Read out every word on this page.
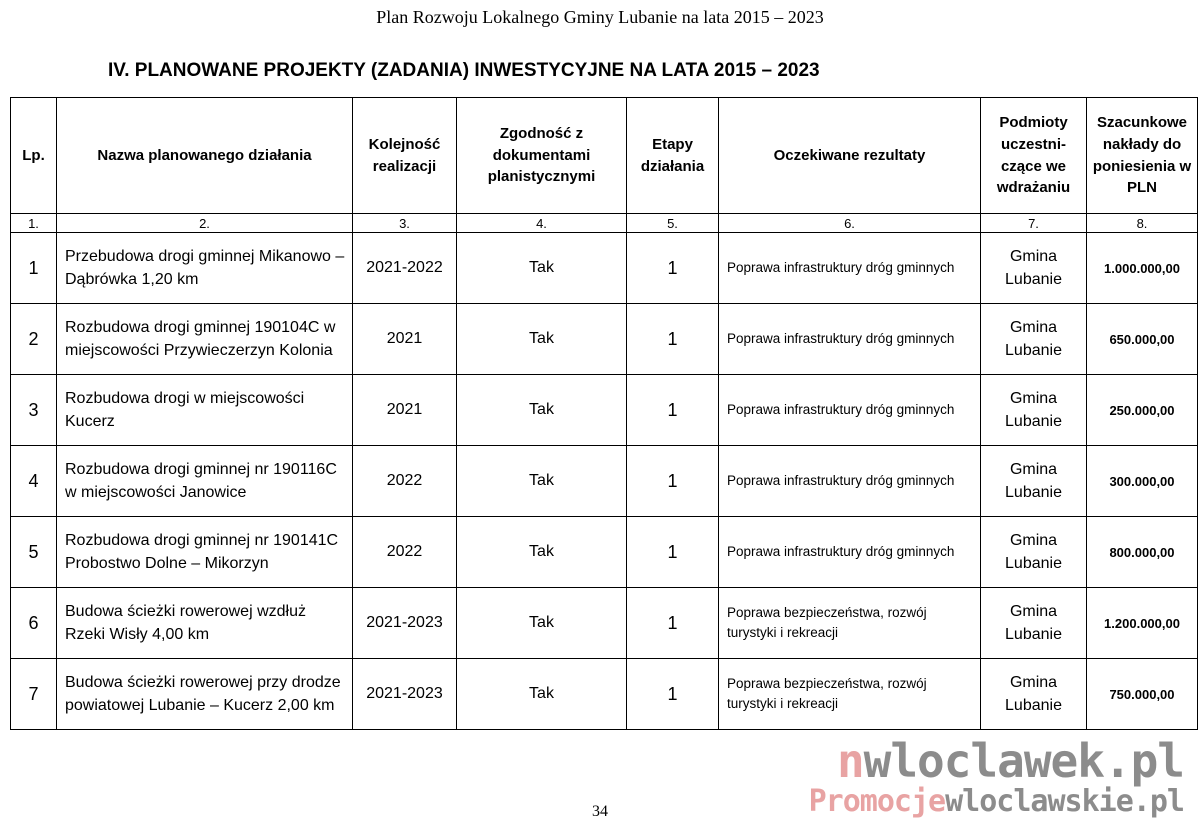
Plan Rozwoju Lokalnego Gminy Lubanie na lata 2015 – 2023
IV. PLANOWANE PROJEKTY (ZADANIA) INWESTYCYJNE NA LATA 2015 – 2023
Lp.	Nazwa planowanego działania	Kolejność realizacji	Zgodność z dokumentami planistycznymi	Etapy działania	Oczekiwane rezultaty	Podmioty uczestni-czące we wdrażaniu	Szacunkowe nakłady do poniesienia w PLN
1.	2.	3.	4.	5.	6.	7.	8.
1	Przebudowa drogi gminnej Mikanowo – Dąbrówka 1,20 km	2021-2022	Tak	1	Poprawa infrastruktury dróg gminnych	Gmina Lubanie	1.000.000,00
2	Rozbudowa drogi gminnej 190104C w miejscowości Przywieczerzyn Kolonia	2021	Tak	1	Poprawa infrastruktury dróg gminnych	Gmina Lubanie	650.000,00
3	Rozbudowa drogi w miejscowości Kucerz	2021	Tak	1	Poprawa infrastruktury dróg gminnych	Gmina Lubanie	250.000,00
4	Rozbudowa drogi gminnej nr 190116C w miejscowości Janowice	2022	Tak	1	Poprawa infrastruktury dróg gminnych	Gmina Lubanie	300.000,00
5	Rozbudowa drogi gminnej nr 190141C Probostwo Dolne – Mikorzyn	2022	Tak	1	Poprawa infrastruktury dróg gminnych	Gmina Lubanie	800.000,00
6	Budowa ścieżki rowerowej wzdłuż Rzeki Wisły 4,00 km	2021-2023	Tak	1	Poprawa bezpieczeństwa, rozwój turystyki i rekreacji	Gmina Lubanie	1.200.000,00
7	Budowa ścieżki rowerowej przy drodze powiatowej Lubanie – Kucerz 2,00 km	2021-2023	Tak	1	Poprawa bezpieczeństwa, rozwój turystyki i rekreacji	Gmina Lubanie	750.000,00
nwloclawek.pl
Promocjewloclawskie.pl
34
